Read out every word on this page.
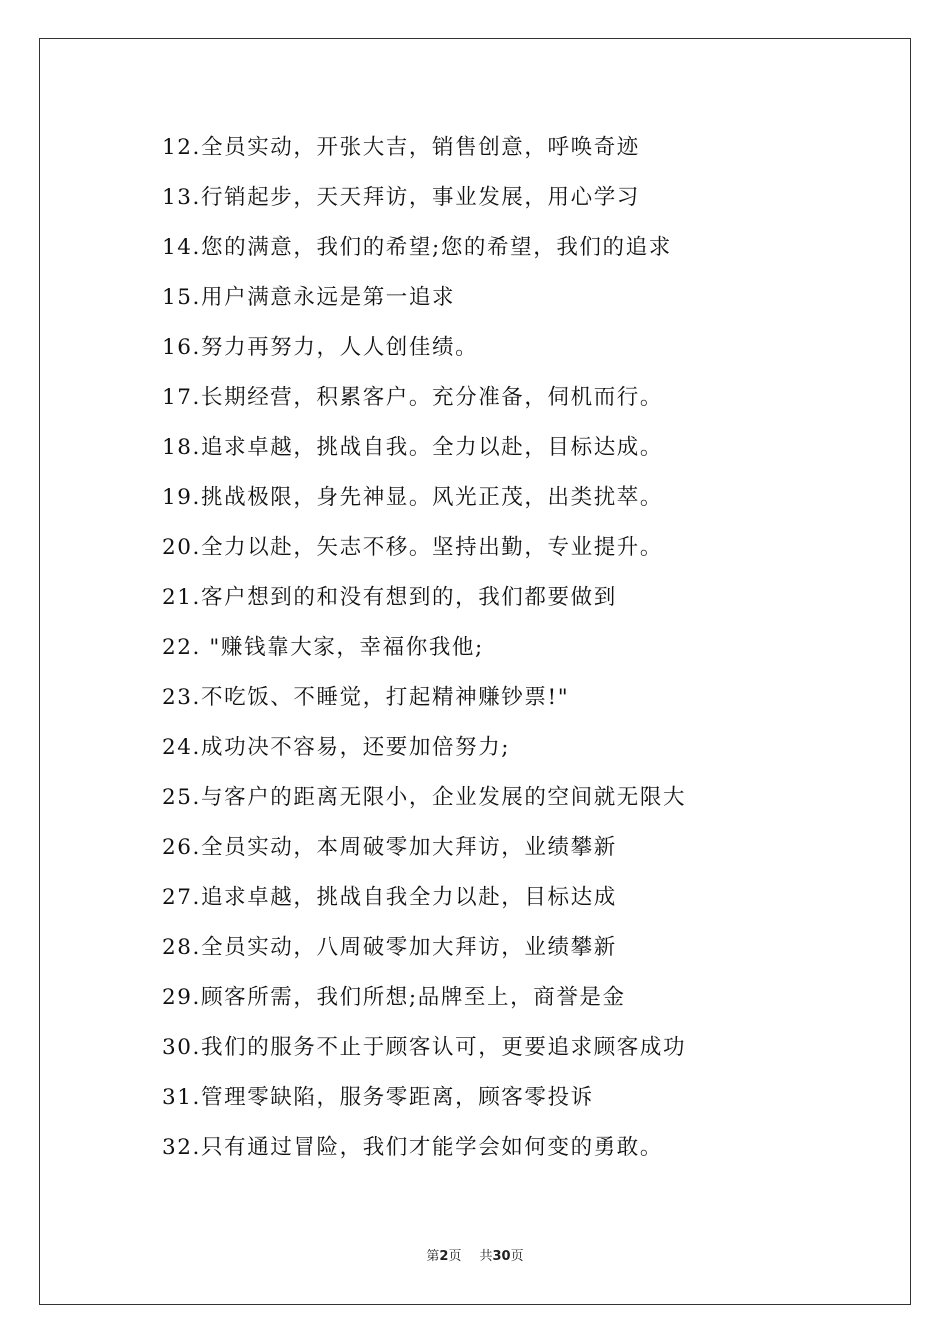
12.全员实动，开张大吉，销售创意，呼唤奇迹
13.行销起步，天天拜访，事业发展，用心学习
14.您的满意，我们的希望;您的希望，我们的追求
15.用户满意永远是第一追求
16.努力再努力，人人创佳绩。
17.长期经营，积累客户。充分准备，伺机而行。
18.追求卓越，挑战自我。全力以赴，目标达成。
19.挑战极限，身先神显。风光正茂，出类扰萃。
20.全力以赴，矢志不移。坚持出勤，专业提升。
21.客户想到的和没有想到的，我们都要做到
22. "赚钱靠大家，幸福你我他;
23.不吃饭、不睡觉，打起精神赚钞票!"
24.成功决不容易，还要加倍努力;
25.与客户的距离无限小，企业发展的空间就无限大
26.全员实动，本周破零加大拜访，业绩攀新
27.追求卓越，挑战自我全力以赴，目标达成
28.全员实动，八周破零加大拜访，业绩攀新
29.顾客所需，我们所想;品牌至上，商誉是金
30.我们的服务不止于顾客认可，更要追求顾客成功
31.管理零缺陷，服务零距离，顾客零投诉
32.只有通过冒险，我们才能学会如何变的勇敢。
第2页 共30页
